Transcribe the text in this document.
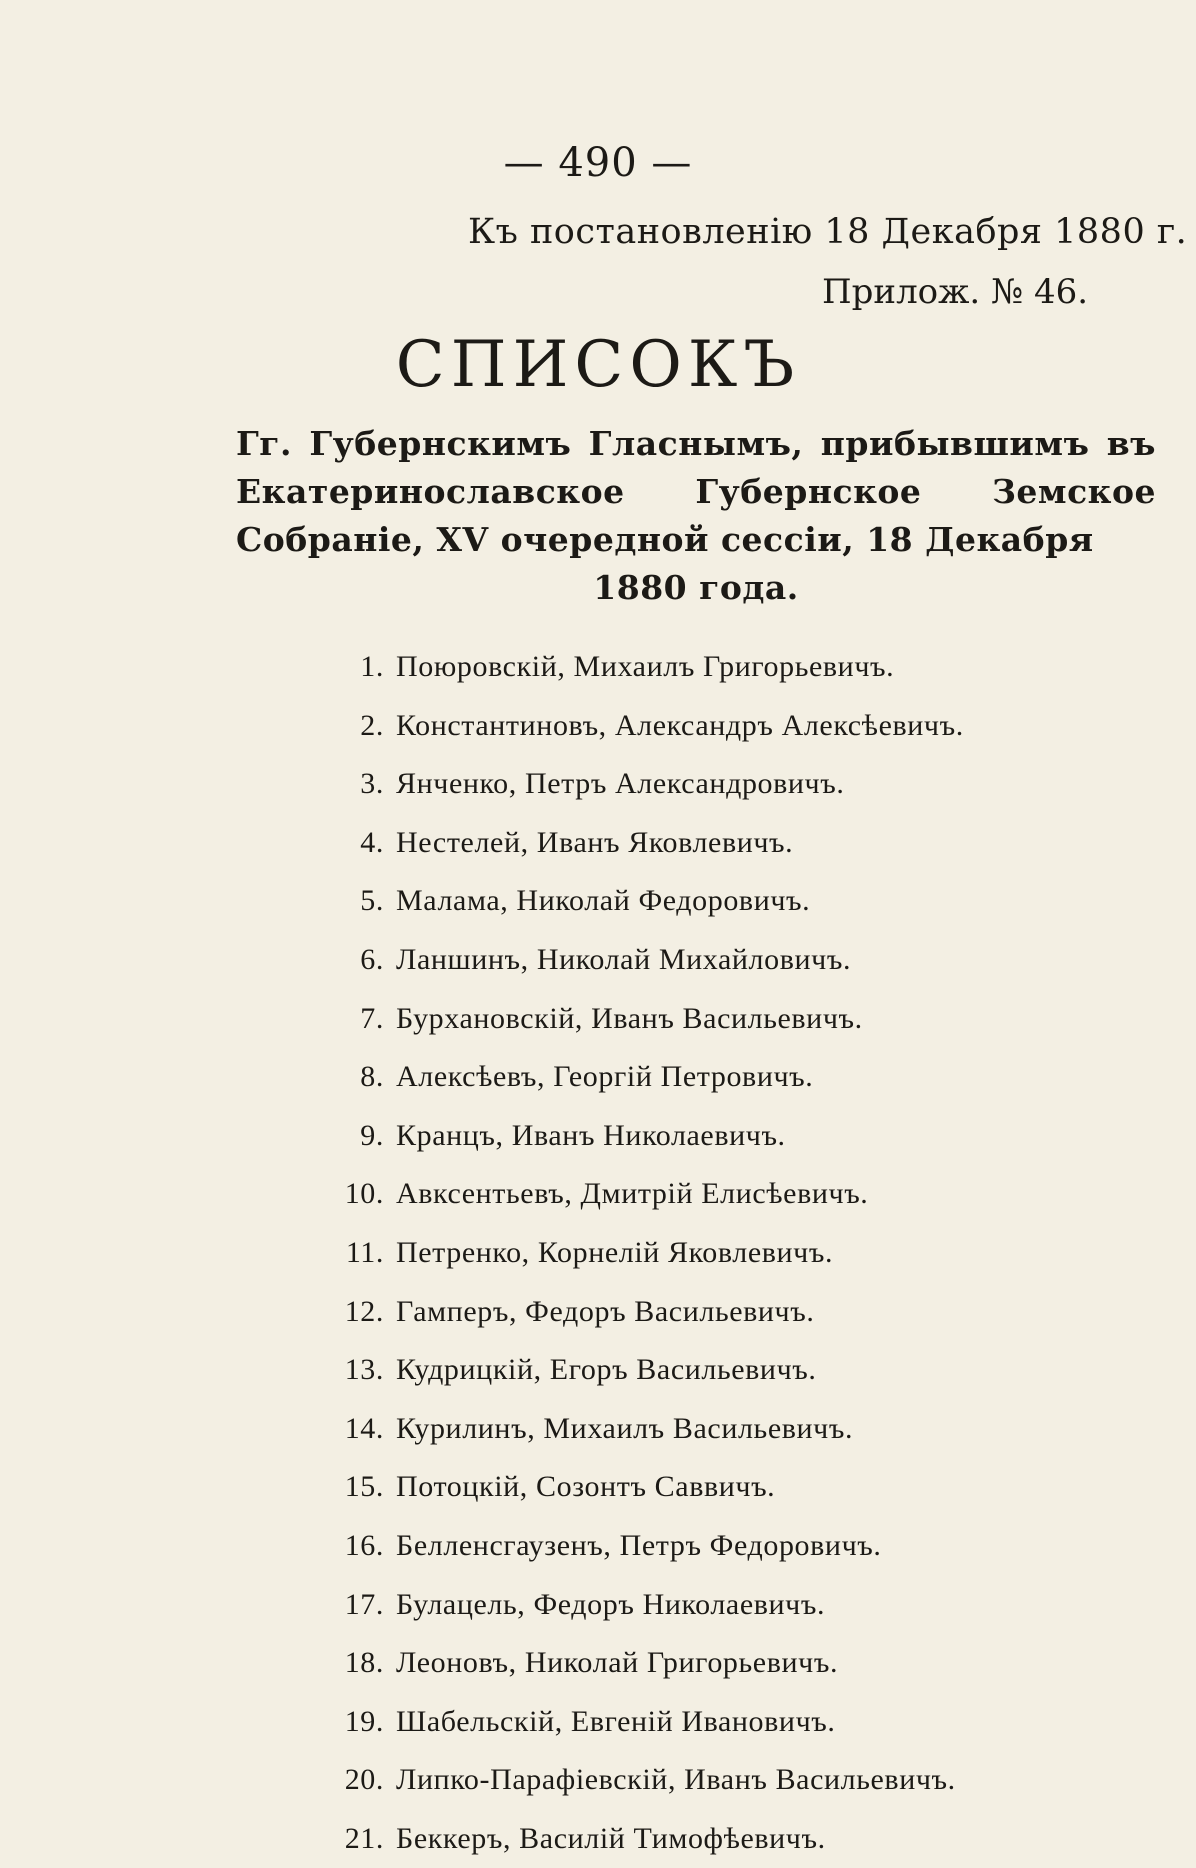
— 490 —
Къ постановленію 18 Декабря 1880 г.
Прилож. № 46.
СПИСОКЪ
Гг. Губернскимъ Гласнымъ, прибывшимъ въ Екатеринославское Губернское Земское Собраніе, XV очередной сессіи, 18 Декабря
1880 года.
1. Поюровскій, Михаилъ Григорьевичъ.
2. Константиновъ, Александръ Алексѣевичъ.
3. Янченко, Петръ Александровичъ.
4. Нестелей, Иванъ Яковлевичъ.
5. Малама, Николай Федоровичъ.
6. Ланшинъ, Николай Михайловичъ.
7. Бурхановскій, Иванъ Васильевичъ.
8. Алексѣевъ, Георгій Петровичъ.
9. Кранцъ, Иванъ Николаевичъ.
10. Авксентьевъ, Дмитрій Елисѣевичъ.
11. Петренко, Корнелій Яковлевичъ.
12. Гамперъ, Федоръ Васильевичъ.
13. Кудрицкій, Егоръ Васильевичъ.
14. Курилинъ, Михаилъ Васильевичъ.
15. Потоцкій, Созонтъ Саввичъ.
16. Белленсгаузенъ, Петръ Федоровичъ.
17. Булацель, Федоръ Николаевичъ.
18. Леоновъ, Николай Григорьевичъ.
19. Шабельскій, Евгеній Ивановичъ.
20. Липко-Парафіевскій, Иванъ Васильевичъ.
21. Беккеръ, Василій Тимофѣевичъ.
